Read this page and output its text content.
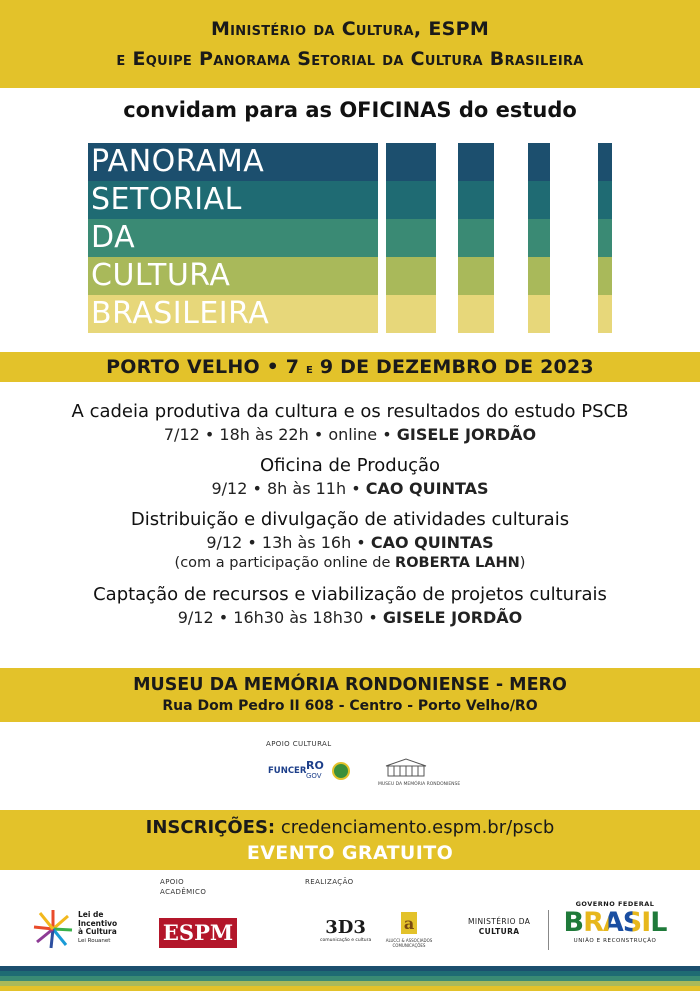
Ministério da Cultura, ESPM
e Equipe Panorama Setorial da Cultura Brasileira
convidam para as OFICINAS do estudo
PANORAMA
SETORIAL
DA
CULTURA
BRASILEIRA
PORTO VELHO • 7 e 9 DE DEZEMBRO DE 2023
A cadeia produtiva da cultura e os resultados do estudo PSCB
7/12 • 18h às 22h • online • GISELE JORDÃO
Oficina de Produção
9/12 • 8h às 11h • CAO QUINTAS
Distribuição e divulgação de atividades culturais
9/12 • 13h às 16h • CAO QUINTAS
(com a participação online de ROBERTA LAHN)
Captação de recursos e viabilização de projetos culturais
9/12 • 16h30 às 18h30 • GISELE JORDÃO
MUSEU DA MEMÓRIA RONDONIENSE - MERO
Rua Dom Pedro II 608 - Centro - Porto Velho/RO
APOIO CULTURAL
FUNCER RO
GOV
MUSEU DA MEMÓRIA RONDONIENSE
INSCRIÇÕES: credenciamento.espm.br/pscb
EVENTO GRATUITO
APOIO
ACADÊMICO
REALIZAÇÃO
Lei de
Incentivo
à Cultura
Lei Rouanet	ESPM	3D3
comunicação e cultura
a
ALUCCI & ASSOCIADOS COMUNICAÇÕES
MINISTÉRIO DA
CULTURA
GOVERNO FEDERAL
BRASIL
UNIÃO E RECONSTRUÇÃO
